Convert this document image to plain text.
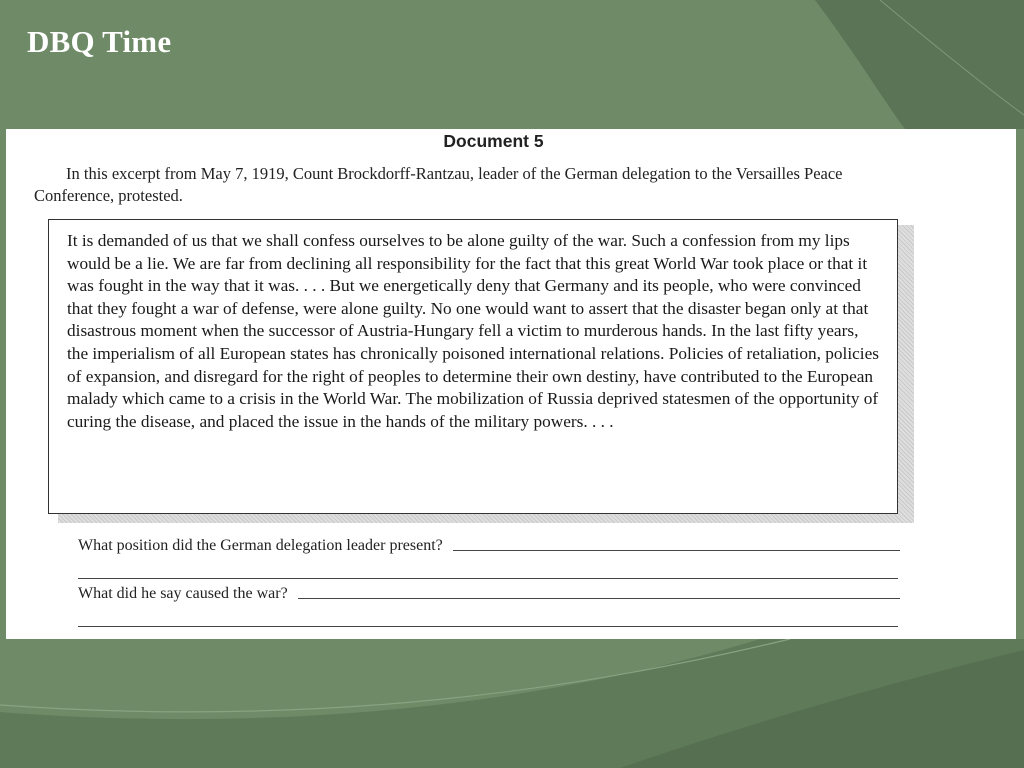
DBQ Time
Document 5
In this excerpt from May 7, 1919, Count Brockdorff-Rantzau, leader of the German delegation to the Versailles Peace Conference, protested.

It is demanded of us that we shall confess ourselves to be alone guilty of the war. Such a confession from my lips would be a lie. We are far from declining all responsibility for the fact that this great World War took place or that it was fought in the way that it was. . . . But we energetically deny that Germany and its people, who were convinced that they fought a war of defense, were alone guilty. No one would want to assert that the disaster began only at that disastrous moment when the successor of Austria-Hungary fell a victim to murderous hands. In the last fifty years, the imperialism of all European states has chronically poisoned international relations. Policies of retaliation, policies of expansion, and disregard for the right of peoples to determine their own destiny, have contributed to the European malady which came to a crisis in the World War. The mobilization of Russia deprived statesmen of the opportunity of curing the disease, and placed the issue in the hands of the military powers. . . .

What position did the German delegation leader present?
What did he say caused the war?
